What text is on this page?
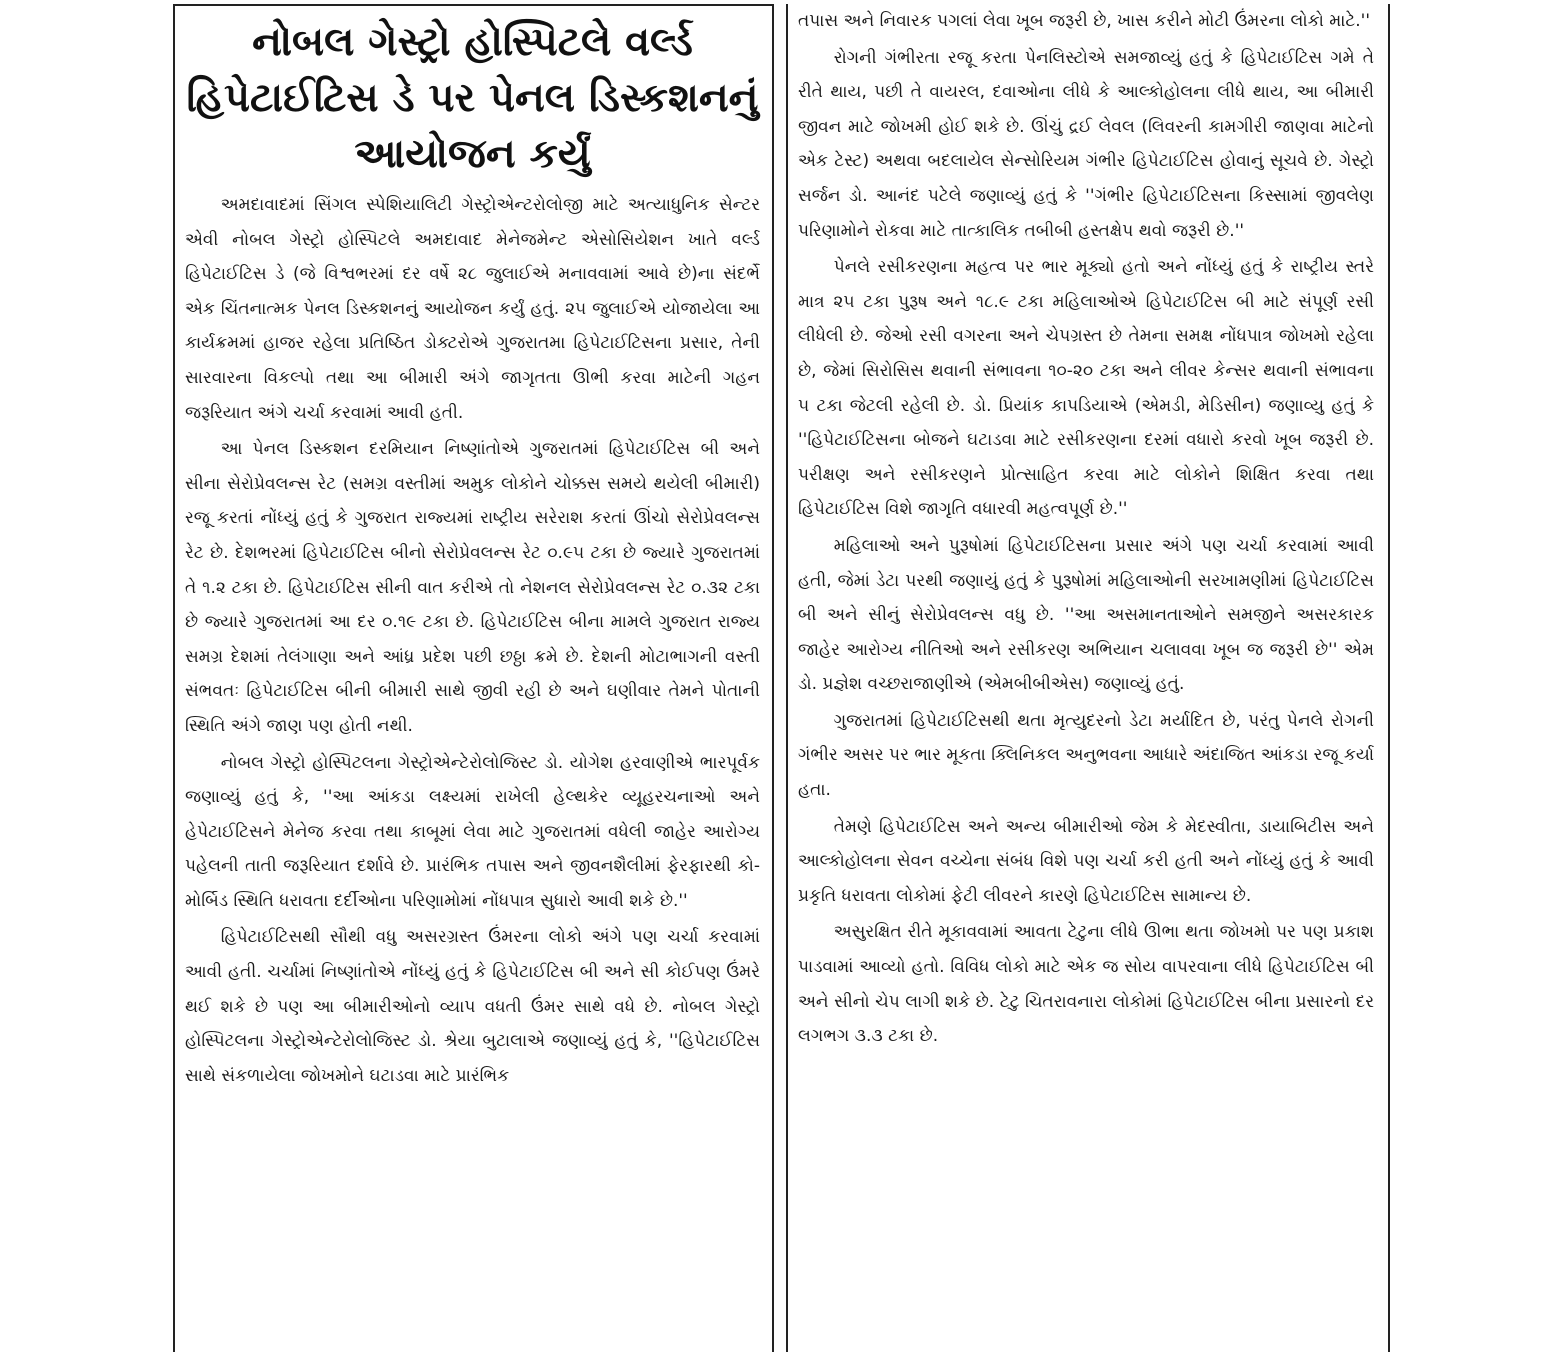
નોબલ ગેસ્ટ્રો હોસ્પિટલે વર્લ્ડ હિપેટાઈટિસ ડે પર પેનલ ડિસ્કશનનું આયોજન કર્યું

અમદાવાદમાં સિંગલ સ્પેશિયાલિટી ગેસ્ટ્રોએન્ટરોલોજી માટે અત્યાધુનિક સેન્ટર એવી નોબલ ગેસ્ટ્રો હોસ્પિટલે અમદાવાદ મેનેજમેન્ટ એસોસિયેશન ખાતે વર્લ્ડ હિપેટાઈટિસ ડે (જે વિશ્વભરમાં દર વર્ષે ૨૮ જુલાઈએ મનાવવામાં આવે છે)ના સંદર્ભે એક ચિંતનાત્મક પેનલ ડિસ્કશનનું આયોજન કર્યું હતું. ૨૫ જુલાઈએ યોજાયેલા આ કાર્યક્રમમાં હાજર રહેલા પ્રતિષ્ઠિત ડોક્ટરોએ ગુજરાતમા હિપેટાઈટિસના પ્રસાર, તેની સારવારના વિકલ્પો તથા આ બીમારી અંગે જાગૃતતા ઊભી કરવા માટેની ગહન જરૂરિયાત અંગે ચર્ચા કરવામાં આવી હતી.

આ પેનલ ડિસ્કશન દરમિયાન નિષ્ણાંતોએ ગુજરાતમાં હિપેટાઈટિસ બી અને સીના સેરોપ્રેવલન્સ રેટ (સમગ્ર વસ્તીમાં અમુક લોકોને ચોક્કસ સમયે થયેલી બીમારી) રજૂ કરતાં નોંધ્યું હતું કે ગુજરાત રાજ્યમાં રાષ્ટ્રીય સરેરાશ કરતાં ઊંચો સેરોપ્રેવલન્સ રેટ છે. દેશભરમાં હિપેટાઈટિસ બીનો સેરોપ્રેવલન્સ રેટ ૦.૯૫ ટકા છે જ્યારે ગુજરાતમાં તે ૧.૨ ટકા છે. હિપેટાઈટિસ સીની વાત કરીએ તો નેશનલ સેરોપ્રેવલન્સ રેટ ૦.૩૨ ટકા છે જ્યારે ગુજરાતમાં આ દર ૦.૧૯ ટકા છે. હિપેટાઈટિસ બીના મામલે ગુજરાત રાજ્ય સમગ્ર દેશમાં તેલંગાણા અને આંધ્ર પ્રદેશ પછી છઠ્ઠા ક્રમે છે. દેશની મોટાભાગની વસ્તી સંભવતઃ હિપેટાઈટિસ બીની બીમારી સાથે જીવી રહી છે અને ઘણીવાર તેમને પોતાની સ્થિતિ અંગે જાણ પણ હોતી નથી.

નોબલ ગેસ્ટ્રો હોસ્પિટલના ગેસ્ટ્રોએન્ટેરોલોજિસ્ટ ડો. યોગેશ હરવાણીએ ભારપૂર્વક જણાવ્યું હતું કે, ''આ આંકડા લક્ષ્યમાં રાખેલી હેલ્થકેર વ્યૂહરચનાઓ અને હેપેટાઈટિસને મેનેજ કરવા તથા કાબૂમાં લેવા માટે ગુજરાતમાં વધેલી જાહેર આરોગ્ય પહેલની તાતી જરૂરિયાત દર્શાવે છે. પ્રારંભિક તપાસ અને જીવનશૈલીમાં ફેરફારથી કો-મોર્બિડ સ્થિતિ ધરાવતા દર્દીઓના પરિણામોમાં નોંધપાત્ર સુધારો આવી શકે છે.''

હિપેટાઈટિસથી સૌથી વધુ અસરગ્રસ્ત ઉંમરના લોકો અંગે પણ ચર્ચા કરવામાં આવી હતી. ચર્ચામાં નિષ્ણાંતોએ નોંધ્યું હતું કે હિપેટાઈટિસ બી અને સી કોઈપણ ઉંમરે થઈ શકે છે પણ આ બીમારીઓનો વ્યાપ વધતી ઉંમર સાથે વધે છે. નોબલ ગેસ્ટ્રો હોસ્પિટલના ગેસ્ટ્રોએન્ટેરોલોજિસ્ટ ડો. શ્રેયા બુટાલાએ જણાવ્યું હતું કે, ''હિપેટાઈટિસ સાથે સંકળાયેલા જોખમોને ઘટાડવા માટે પ્રારંભિક

તપાસ અને નિવારક પગલાં લેવા ખૂબ જરૂરી છે, ખાસ કરીને મોટી ઉંમરના લોકો માટે.''

રોગની ગંભીરતા રજૂ કરતા પેનલિસ્ટોએ સમજાવ્યું હતું કે હિપેટાઈટિસ ગમે તે રીતે થાય, પછી તે વાયરલ, દવાઓના લીધે કે આલ્કોહોલના લીધે થાય, આ બીમારી જીવન માટે જોખમી હોઈ શકે છે. ઊંચું દ્રઈ લેવલ (લિવરની કામગીરી જાણવા માટેનો એક ટેસ્ટ) અથવા બદલાયેલ સેન્સોરિયમ ગંભીર હિપેટાઈટિસ હોવાનું સૂચવે છે. ગેસ્ટ્રો સર્જન ડો. આનંદ પટેલે જણાવ્યું હતું કે ''ગંભીર હિપેટાઈટિસના કિસ્સામાં જીવલેણ પરિણામોને રોકવા માટે તાત્કાલિક તબીબી હસ્તક્ષેપ થવો જરૂરી છે.''

પેનલે રસીકરણના મહત્વ પર ભાર મૂક્યો હતો અને નોંધ્યું હતું કે રાષ્ટ્રીય સ્તરે માત્ર ૨૫ ટકા પુરૂષ અને ૧૮.૯ ટકા મહિલાઓએ હિપેટાઈટિસ બી માટે સંપૂર્ણ રસી લીધેલી છે. જેઓ રસી વગરના અને ચેપગ્રસ્ત છે તેમના સમક્ષ નોંધપાત્ર જોખમો રહેલા છે, જેમાં સિરોસિસ થવાની સંભાવના ૧૦-૨૦ ટકા અને લીવર કેન્સર થવાની સંભાવના ૫ ટકા જેટલી રહેલી છે. ડો. પ્રિયાંક કાપડિયાએ (એમડી, મેડિસીન) જણાવ્યુ હતું કે ''હિપેટાઈટિસના બોજને ઘટાડવા માટે રસીકરણના દરમાં વધારો કરવો ખૂબ જરૂરી છે. પરીક્ષણ અને રસીકરણને પ્રોત્સાહિત કરવા માટે લોકોને શિક્ષિત કરવા તથા હિપેટાઈટિસ વિશે જાગૃતિ વધારવી મહત્વપૂર્ણ છે.''

મહિલાઓ અને પુરૂષોમાં હિપેટાઈટિસના પ્રસાર અંગે પણ ચર્ચા કરવામાં આવી હતી, જેમાં ડેટા પરથી જણાયું હતું કે પુરૂષોમાં મહિલાઓની સરખામણીમાં હિપેટાઈટિસ બી અને સીનું સેરોપ્રેવલન્સ વધુ છે. ''આ અસમાનતાઓને સમજીને અસરકારક જાહેર આરોગ્ય નીતિઓ અને રસીકરણ અભિયાન ચલાવવા ખૂબ જ જરૂરી છે'' એમ ડો. પ્રજ્ઞેશ વચ્છરાજાણીએ (એમબીબીએસ) જણાવ્યું હતું.

ગુજરાતમાં હિપેટાઈટિસથી થતા મૃત્યુદરનો ડેટા મર્યાદિત છે, પરંતુ પેનલે રોગની ગંભીર અસર પર ભાર મૂકતા ક્લિનિકલ અનુભવના આધારે અંદાજિત આંકડા રજૂ કર્યા હતા.

તેમણે હિપેટાઈટિસ અને અન્ય બીમારીઓ જેમ કે મેદસ્વીતા, ડાયાબિટીસ અને આલ્કોહોલના સેવન વચ્ચેના સંબંધ વિશે પણ ચર્ચા કરી હતી અને નોંધ્યું હતું કે આવી પ્રકૃતિ ધરાવતા લોકોમાં ફેટી લીવરને કારણે હિપેટાઈટિસ સામાન્ય છે.

અસુરક્ષિત રીતે મૂકાવવામાં આવતા ટેટુના લીધે ઊભા થતા જોખમો પર પણ પ્રકાશ પાડવામાં આવ્યો હતો. વિવિધ લોકો માટે એક જ સોય વાપરવાના લીધે હિપેટાઈટિસ બી અને સીનો ચેપ લાગી શકે છે. ટેટુ ચિતરાવનારા લોકોમાં હિપેટાઈટિસ બીના પ્રસારનો દર લગભગ ૩.૩ ટકા છે.
